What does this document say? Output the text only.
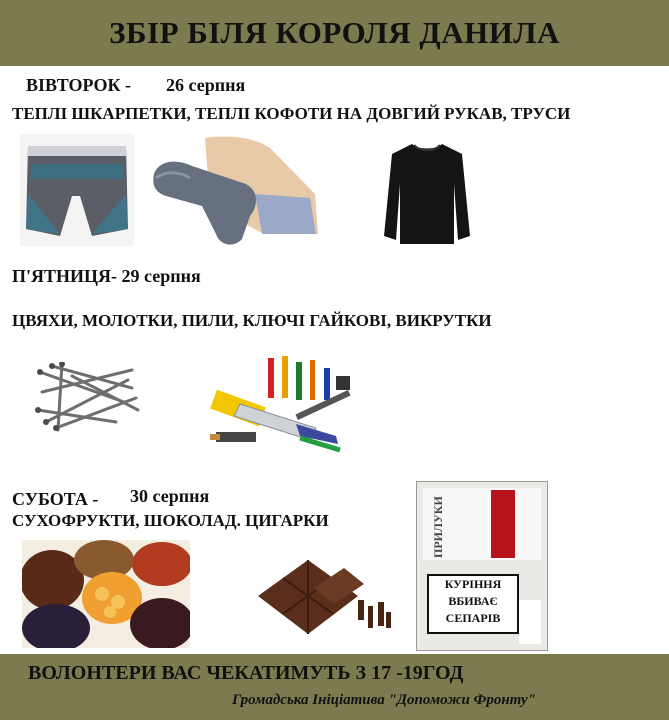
ЗБІР БІЛЯ КОРОЛЯ ДАНИЛА
ВІВТОРОК - 26 серпня
ТЕПЛІ ШКАРПЕТКИ, ТЕПЛІ КОФОТИ НА ДОВГИЙ РУКАВ, ТРУСИ
П'ЯТНИЦЯ- 29 серпня
ЦВЯХИ, МОЛОТКИ, ПИЛИ, КЛЮЧІ ГАЙКОВІ, ВИКРУТКИ
СУБОТА - 30 серпня
СУХОФРУКТИ, ШОКОЛАД. ЦИГАРКИ	ПРИЛУКИ
КУРІННЯ
ВБИВАЄ
СЕПАРІВ
ВОЛОНТЕРИ ВАС ЧЕКАТИМУТЬ З 17 -19ГОД
Громадська Ініціатива "Допоможи Фронту"
